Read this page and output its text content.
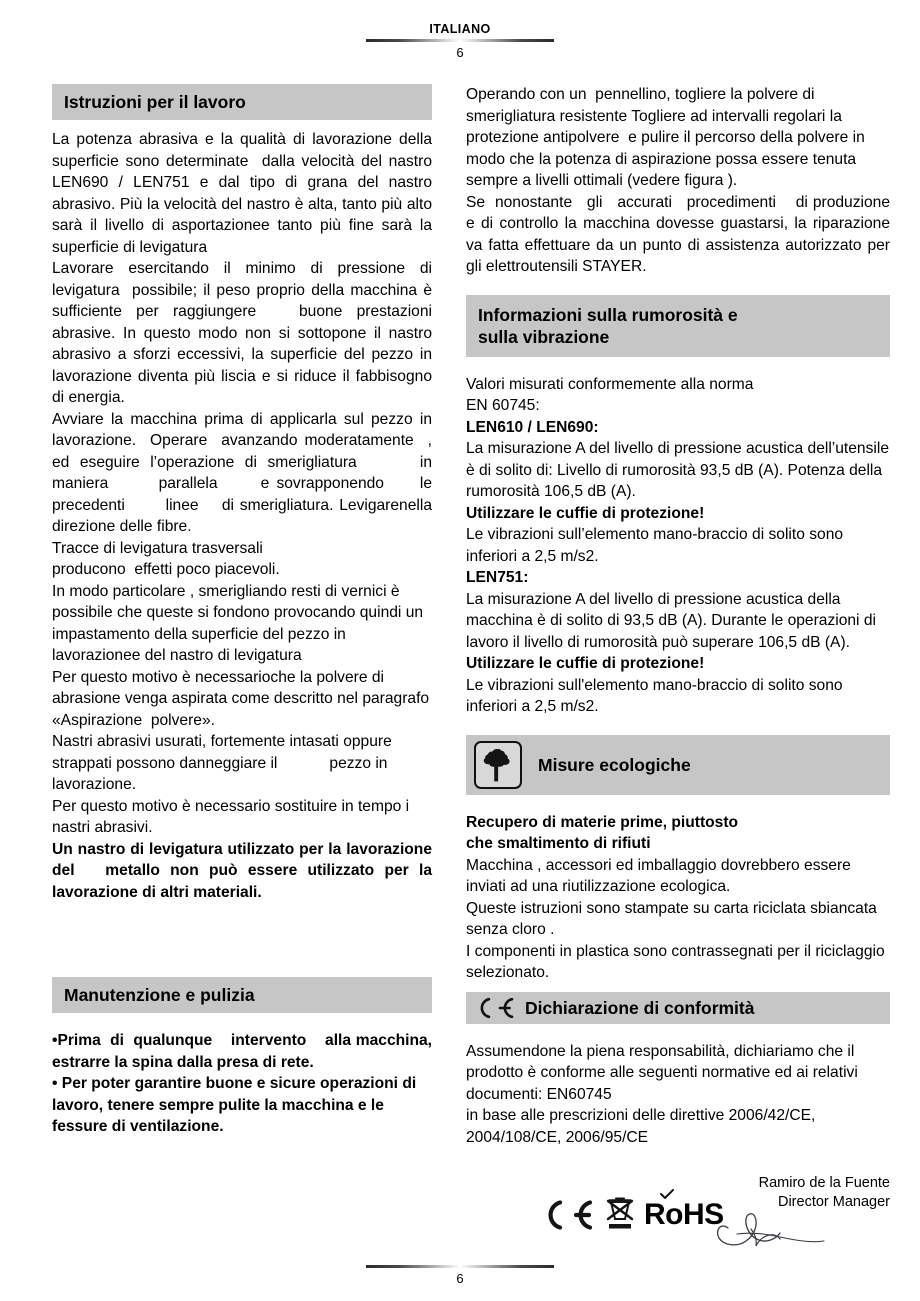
ITALIANO
6
Istruzioni per il lavoro

La potenza abrasiva e la qualità di lavorazione della superficie sono determinate  dalla velocità del nastro LEN690 / LEN751 e dal tipo di grana del nastro abrasivo. Più la velocità del nastro è alta, tanto più alto sarà il livello di asportazionee tanto più fine sarà la superficie di levigatura

Lavorare esercitando il minimo di pressione di levigatura  possibile; il peso proprio della macchina è sufficiente per raggiungere   buone prestazioni abrasive. In questo modo non si sottopone il nastro abrasivo a sforzi eccessivi, la superficie del pezzo in lavorazione diventa più liscia e si riduce il fabbisogno  di energia.

Avviare la macchina prima di applicarla sul pezzo in lavorazione.  Operare  avanzando moderatamente  , ed eseguire l’operazione di smerigliatura      in    maniera       parallela      e sovrapponendo     le   precedenti       linee    di smerigliatura. Levigarenella direzione delle fibre.

Tracce di levigatura trasversali

producono  effetti poco piacevoli.

In modo particolare , smerigliando resti di vernici è possibile che queste si fondono provocando quindi un impastamento della superficie del pezzo in lavorazionee del nastro di levigatura

Per questo motivo è necessarioche la polvere di abrasione venga aspirata come descritto nel paragrafo

«Aspirazione  polvere».

Nastri abrasivi usurati, fortemente intasati oppure strappati possono danneggiare il            pezzo in lavorazione.

Per questo motivo è necessario sostituire in tempo i nastri abrasivi.

Un nastro di levigatura utilizzato per la lavorazione del   metallo non può essere utilizzato per la lavorazione di altri materiali.

Manutenzione e pulizia

•Prima  di  qualunque    intervento    alla macchina, estrarre la spina dalla presa di rete.

• Per poter garantire buone e sicure operazioni di lavoro, tenere sempre pulite la macchina e le fessure di ventilazione.

Operando con un  pennellino, togliere la polvere di smerigliatura resistente Togliere ad intervalli regolari la protezione antipolvere  e pulire il percorso della polvere in modo che la potenza di aspirazione possa essere tenuta sempre a livelli ottimali (vedere figura ).

Se  nonostante   gli   accurati   procedimenti    di produzione e di controllo la macchina dovesse guastarsi, la riparazione va fatta effettuare da un punto di assistenza autorizzato per gli elettroutensili STAYER.

Informazioni sulla rumorosità e
sulla vibrazione

Valori misurati conformemente alla norma

EN 60745:

LEN610 / LEN690:

La misurazione A del livello di pressione acustica dell’utensile è di solito di: Livello di rumorosità 93,5 dB (A). Potenza della rumorosità 106,5 dB (A).

Utilizzare le cuffie di protezione!

Le vibrazioni sull’elemento mano-braccio di solito sono inferiori a 2,5 m/s2.

LEN751:

La misurazione A del livello di pressione acustica della macchina è di solito di 93,5 dB (A). Durante le operazioni di lavoro il livello di rumorosità può superare 106,5 dB (A).

Utilizzare le cuffie di protezione!

Le vibrazioni sull'elemento mano-braccio di solito sono inferiori a 2,5 m/s2.

Misure ecologiche

Recupero di materie prime, piuttosto

che smaltimento di rifiuti

Macchina , accessori ed imballaggio dovrebbero essere inviati ad una riutilizzazione ecologica.

Queste istruzioni sono stampate su carta riciclata sbiancata senza cloro .

I componenti in plastica sono contrassegnati per il riciclaggio selezionato.

Dichiarazione di conformità

Assumendone la piena responsabilità, dichiariamo che il prodotto è conforme alle seguenti normative ed ai relativi documenti: EN60745

in base alle prescrizioni delle direttive 2006/42/CE, 2004/108/CE, 2006/95/CE

Ramiro de la Fuente
Director Manager
RoHS
6
